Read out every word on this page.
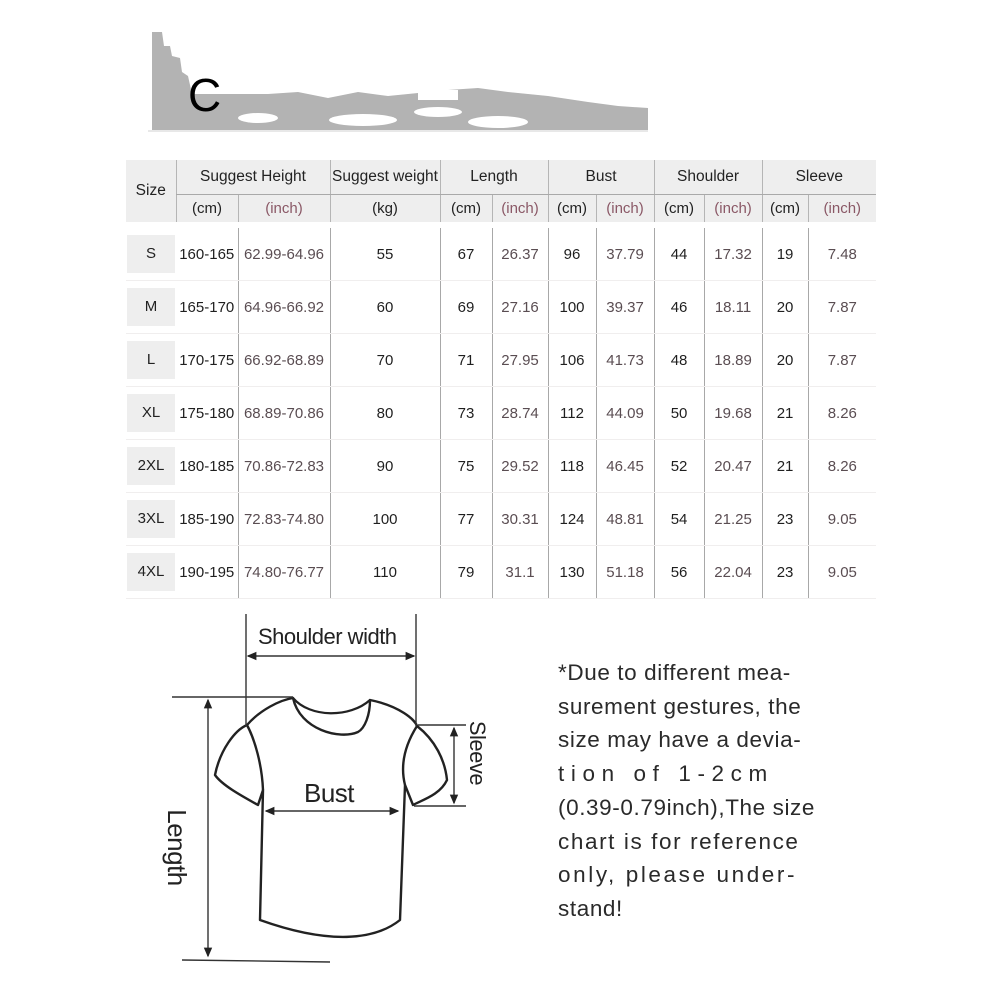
C
Size	Suggest Height		Suggest weight	Length		Bust		Shoulder		Sleeve	
	(cm)	(inch)	(kg)	(cm)	(inch)	(cm)	(inch)	(cm)	(inch)	(cm)	(inch)

S	160-165	62.99-64.96	55	67	26.37	96	37.79	44	17.32	19	7.48
M	165-170	64.96-66.92	60	69	27.16	100	39.37	46	18.11	20	7.87
L	170-175	66.92-68.89	70	71	27.95	106	41.73	48	18.89	20	7.87
XL	175-180	68.89-70.86	80	73	28.74	112	44.09	50	19.68	21	8.26
2XL	180-185	70.86-72.83	90	75	29.52	118	46.45	52	20.47	21	8.26
3XL	185-190	72.83-74.80	100	77	30.31	124	48.81	54	21.25	23	9.05
4XL	190-195	74.80-76.77	110	79	31.1	130	51.18	56	22.04	23	9.05
Shoulder width
Bust
Length
Sleeve
*Due to different mea-
surement gestures, the
size may have a devia-
tion of 1-2cm
(0.39-0.79inch),The size
chart is for reference
only, please under-
stand!
